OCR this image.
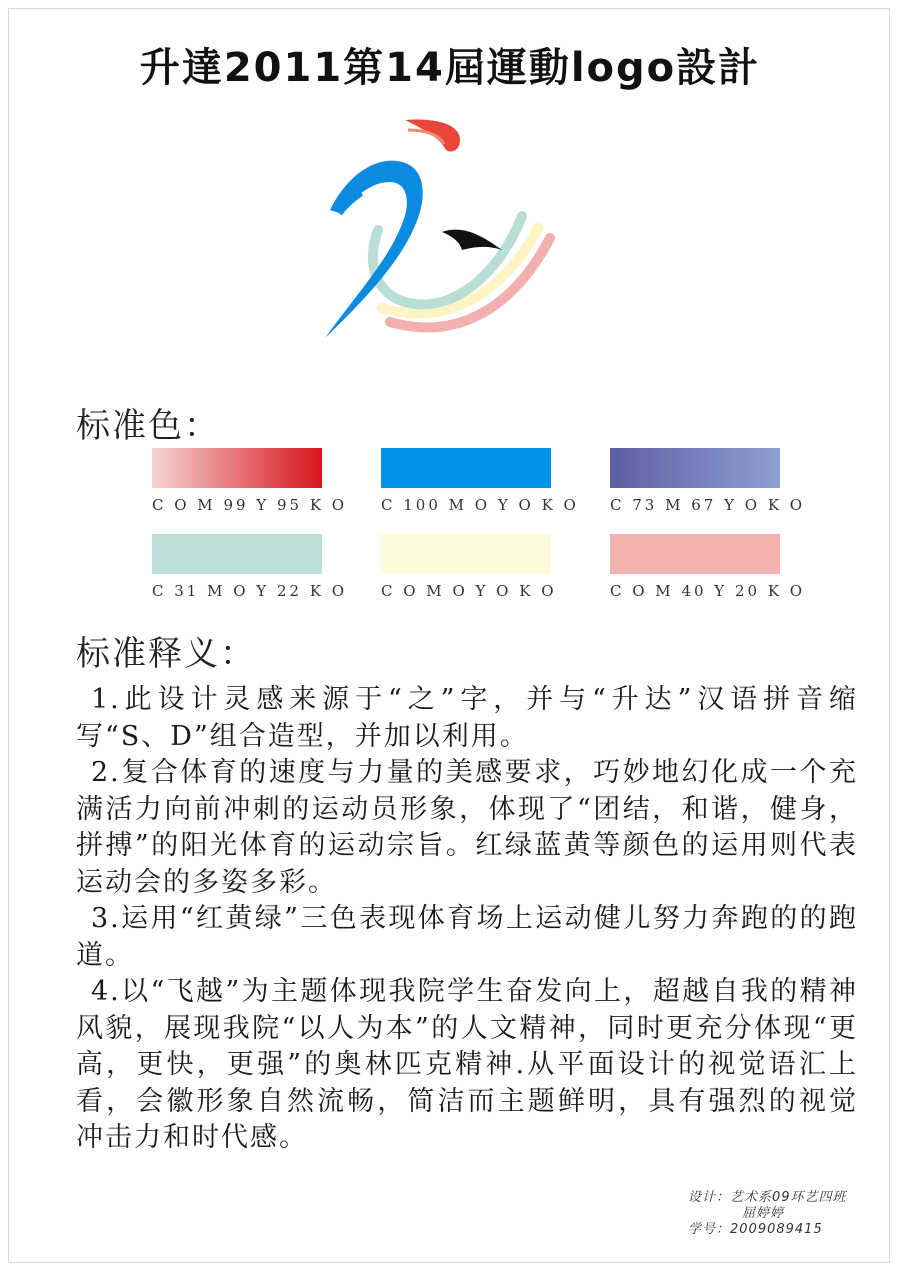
升達2011第14屆運動logo設計
标准色：
C O M 99 Y 95 K O C 100 M O Y O K O C 73 M 67 Y O K O
C 31 M O Y 22 K O C O M O Y O K O	C O M 40 Y 20 K O
标准释义：

1.此设计灵感来源于“之”字，并与“升达”汉语拼音缩写“S、D”组合造型，并加以利用。

2.复合体育的速度与力量的美感要求，巧妙地幻化成一个充满活力向前冲刺的运动员形象，体现了“团结，和谐，健身，拼搏”的阳光体育的运动宗旨。红绿蓝黄等颜色的运用则代表运动会的多姿多彩。

3.运用“红黄绿”三色表现体育场上运动健儿努力奔跑的的跑道。

4.以“飞越”为主题体现我院学生奋发向上，超越自我的精神风貌，展现我院“以人为本”的人文精神，同时更充分体现“更高，更快，更强”的奥林匹克精神.从平面设计的视觉语汇上看，会徽形象自然流畅，简洁而主题鲜明，具有强烈的视觉冲击力和时代感。

设计：艺术系09环艺四班
屈婷婷
学号：2009089415
